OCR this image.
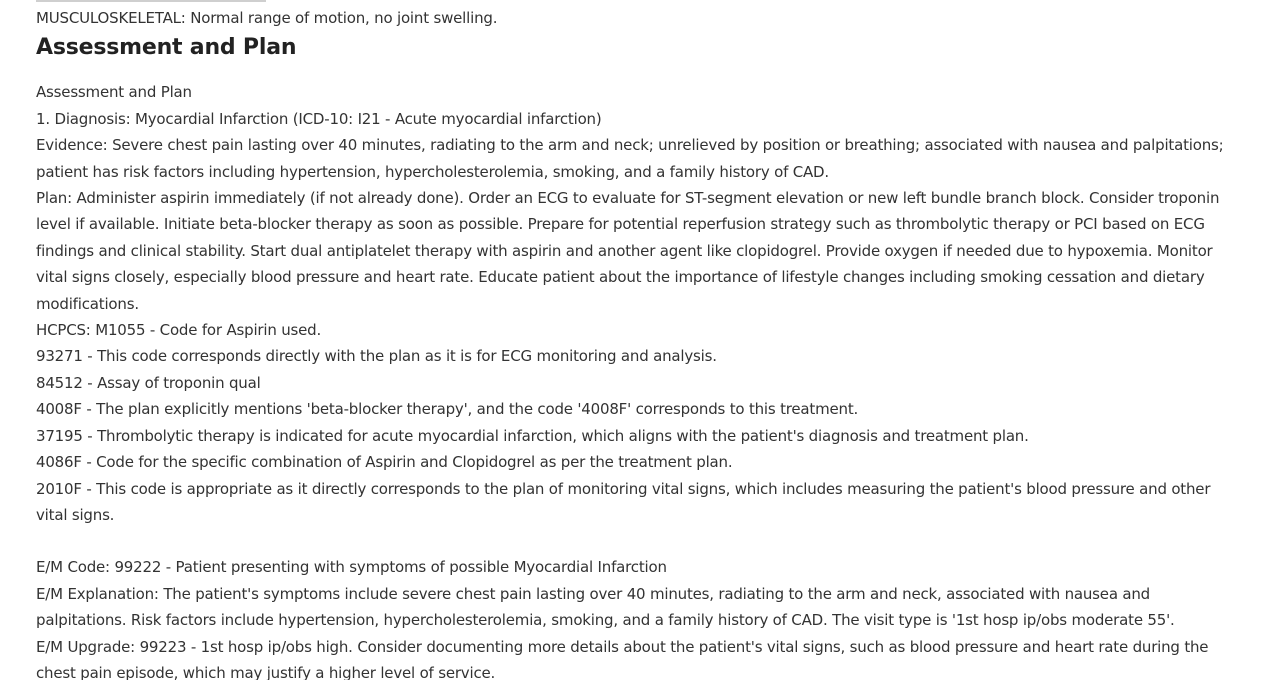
MUSCULOSKELETAL: Normal range of motion, no joint swelling.

Assessment and Plan

Assessment and Plan

1. Diagnosis: Myocardial Infarction (ICD-10: I21 - Acute myocardial infarction)

Evidence: Severe chest pain lasting over 40 minutes, radiating to the arm and neck; unrelieved by position or breathing; associated with nausea and palpitations; patient has risk factors including hypertension, hypercholesterolemia, smoking, and a family history of CAD.

Plan: Administer aspirin immediately (if not already done). Order an ECG to evaluate for ST-segment elevation or new left bundle branch block. Consider troponin level if available. Initiate beta-blocker therapy as soon as possible. Prepare for potential reperfusion strategy such as thrombolytic therapy or PCI based on ECG findings and clinical stability. Start dual antiplatelet therapy with aspirin and another agent like clopidogrel. Provide oxygen if needed due to hypoxemia. Monitor vital signs closely, especially blood pressure and heart rate. Educate patient about the importance of lifestyle changes including smoking cessation and dietary modifications.

HCPCS: M1055 - Code for Aspirin used.

93271 - This code corresponds directly with the plan as it is for ECG monitoring and analysis.

84512 - Assay of troponin qual

4008F - The plan explicitly mentions 'beta-blocker therapy', and the code '4008F' corresponds to this treatment.

37195 - Thrombolytic therapy is indicated for acute myocardial infarction, which aligns with the patient's diagnosis and treatment plan.

4086F - Code for the specific combination of Aspirin and Clopidogrel as per the treatment plan.

2010F - This code is appropriate as it directly corresponds to the plan of monitoring vital signs, which includes measuring the patient's blood pressure and other vital signs.

E/M Code: 99222 - Patient presenting with symptoms of possible Myocardial Infarction

E/M Explanation: The patient's symptoms include severe chest pain lasting over 40 minutes, radiating to the arm and neck, associated with nausea and palpitations. Risk factors include hypertension, hypercholesterolemia, smoking, and a family history of CAD. The visit type is '1st hosp ip/obs moderate 55'.

E/M Upgrade: 99223 - 1st hosp ip/obs high. Consider documenting more details about the patient's vital signs, such as blood pressure and heart rate during the chest pain episode, which may justify a higher level of service.
